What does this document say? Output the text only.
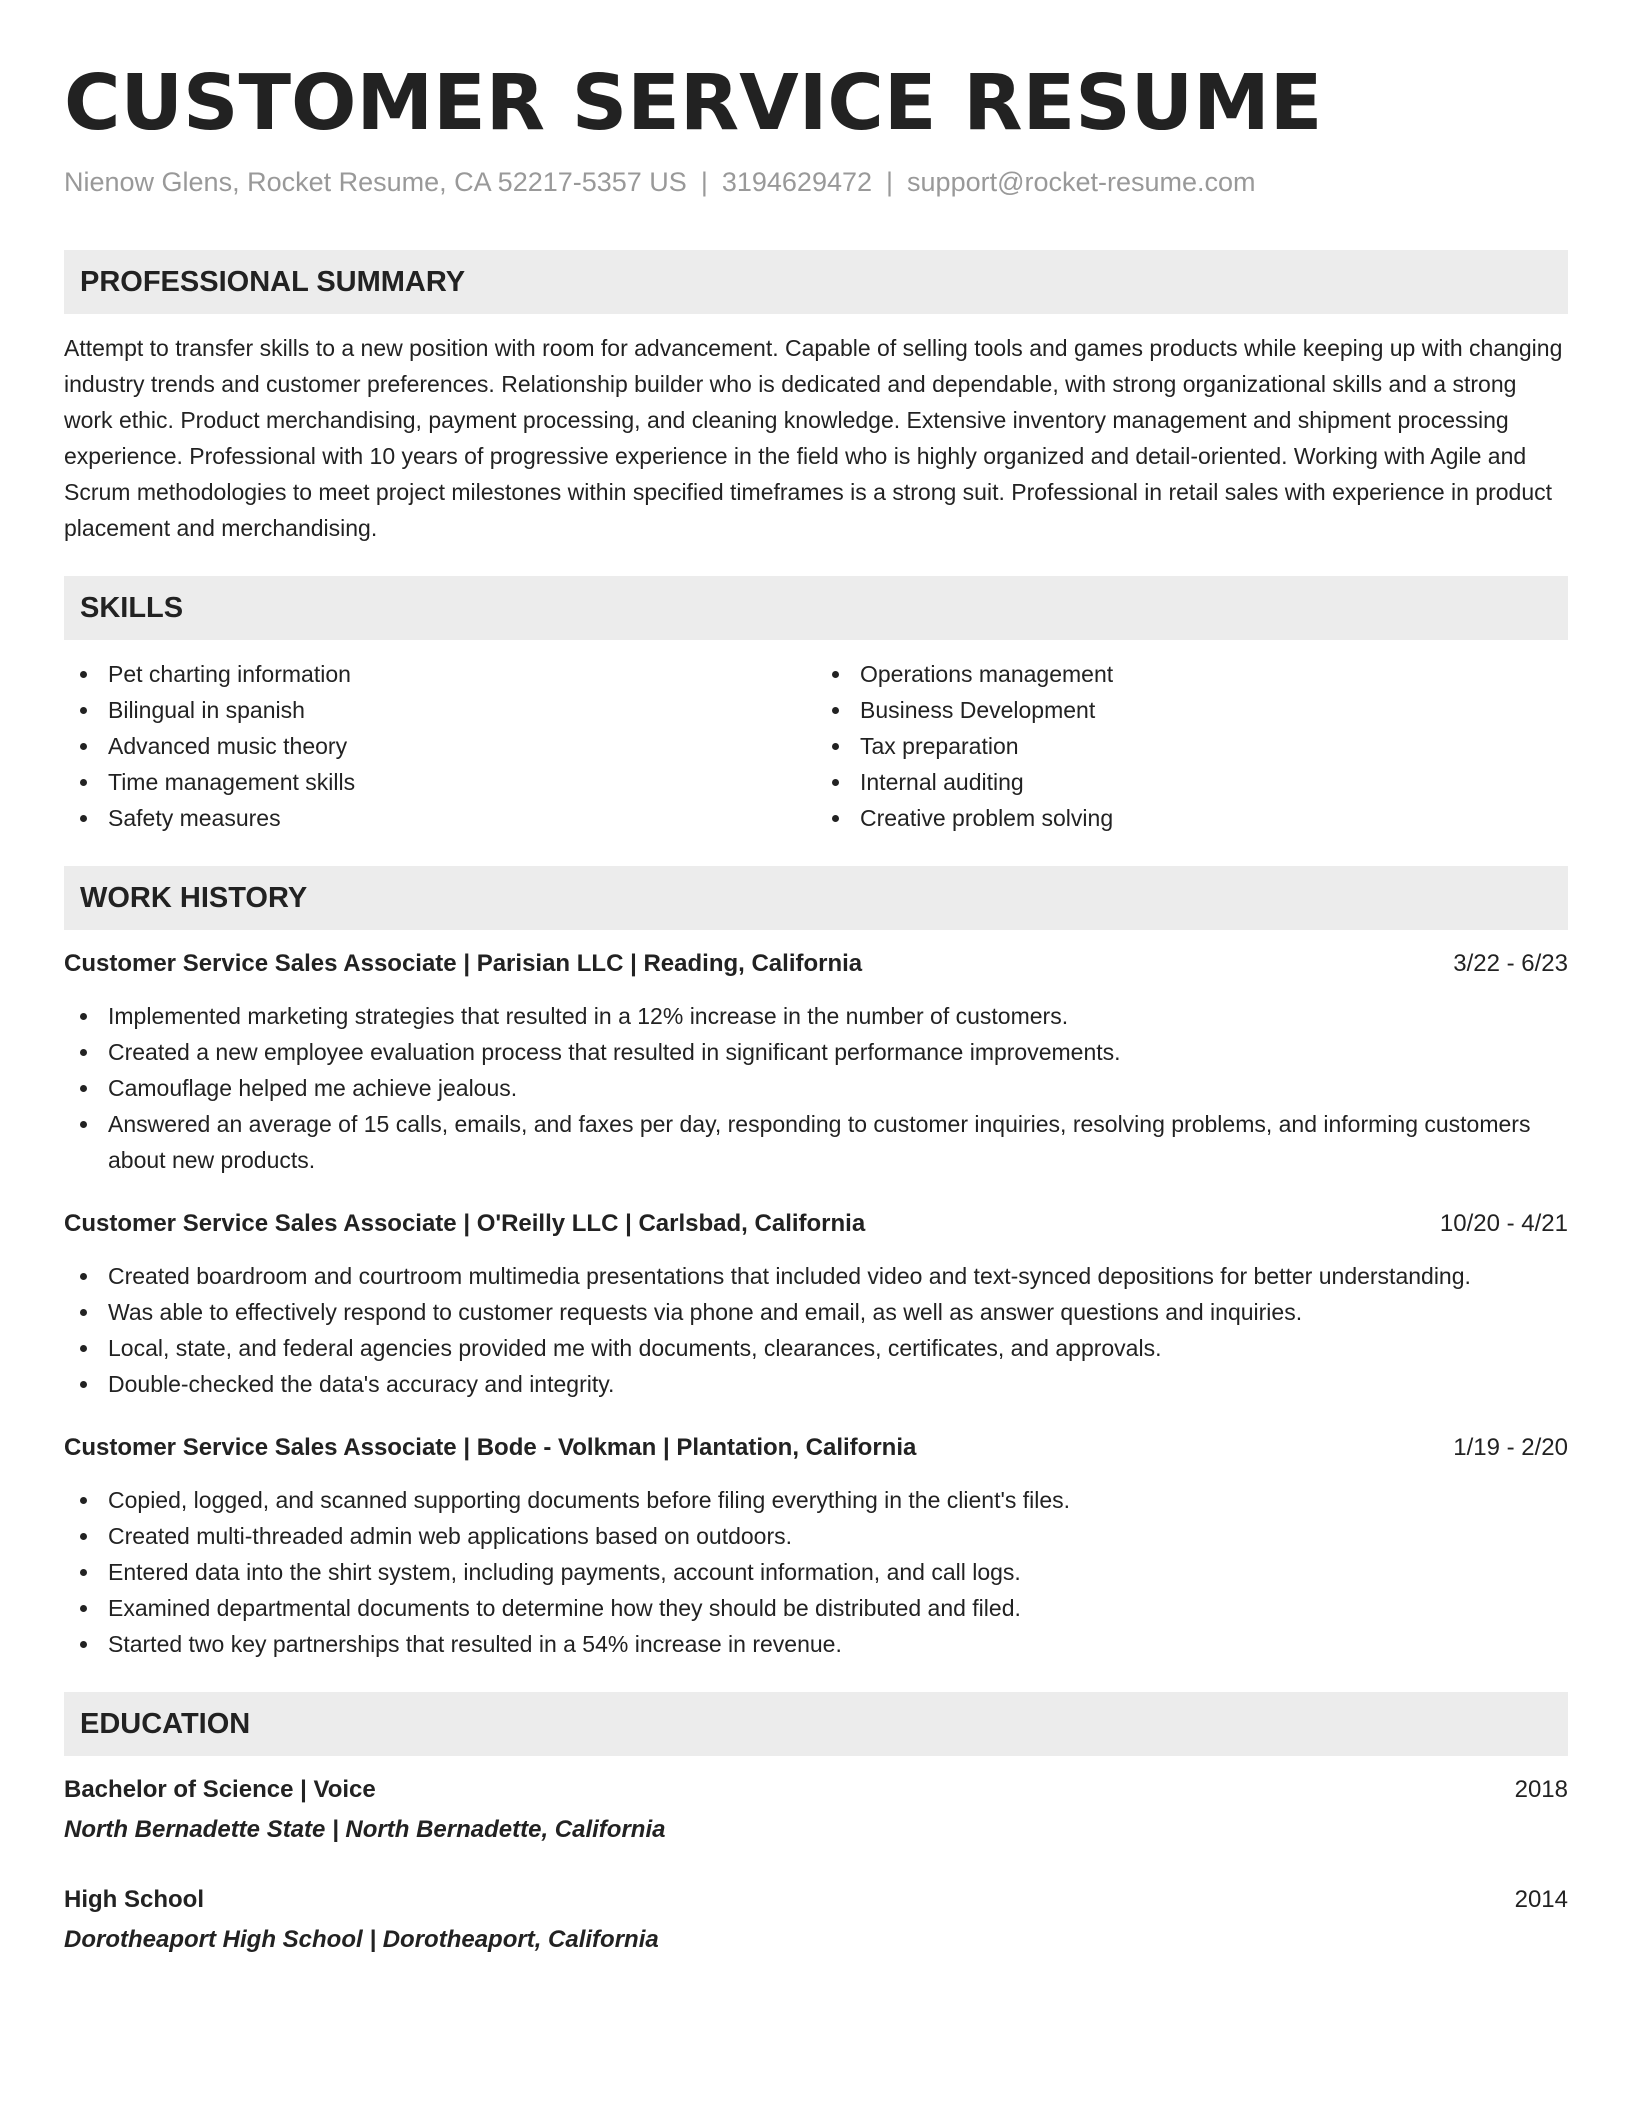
CUSTOMER SERVICE RESUME
Nienow Glens, Rocket Resume, CA 52217-5357 US | 3194629472 | support@rocket-resume.com
PROFESSIONAL SUMMARY

Attempt to transfer skills to a new position with room for advancement. Capable of selling tools and games products while keeping up with changing industry trends and customer preferences. Relationship builder who is dedicated and dependable, with strong organizational skills and a strong work ethic. Product merchandising, payment processing, and cleaning knowledge. Extensive inventory management and shipment processing experience. Professional with 10 years of progressive experience in the field who is highly organized and detail-oriented. Working with Agile and Scrum methodologies to meet project milestones within specified timeframes is a strong suit. Professional in retail sales with experience in product placement and merchandising.

SKILLS
Pet charting information
Bilingual in spanish
Advanced music theory
Time management skills
Safety measures
Operations management
Business Development
Tax preparation
Internal auditing
Creative problem solving
WORK HISTORY
Customer Service Sales Associate | Parisian LLC | Reading, California	3/22 - 6/23
Implemented marketing strategies that resulted in a 12% increase in the number of customers.
Created a new employee evaluation process that resulted in significant performance improvements.
Camouflage helped me achieve jealous.
Answered an average of 15 calls, emails, and faxes per day, responding to customer inquiries, resolving problems, and informing customers about new products.
Customer Service Sales Associate | O'Reilly LLC | Carlsbad, California	10/20 - 4/21
Created boardroom and courtroom multimedia presentations that included video and text-synced depositions for better understanding.
Was able to effectively respond to customer requests via phone and email, as well as answer questions and inquiries.
Local, state, and federal agencies provided me with documents, clearances, certificates, and approvals.
Double-checked the data's accuracy and integrity.
Customer Service Sales Associate | Bode - Volkman | Plantation, California	1/19 - 2/20
Copied, logged, and scanned supporting documents before filing everything in the client's files.
Created multi-threaded admin web applications based on outdoors.
Entered data into the shirt system, including payments, account information, and call logs.
Examined departmental documents to determine how they should be distributed and filed.
Started two key partnerships that resulted in a 54% increase in revenue.
EDUCATION
Bachelor of Science | Voice	2018
North Bernadette State | North Bernadette, California
High School	2014
Dorotheaport High School | Dorotheaport, California
